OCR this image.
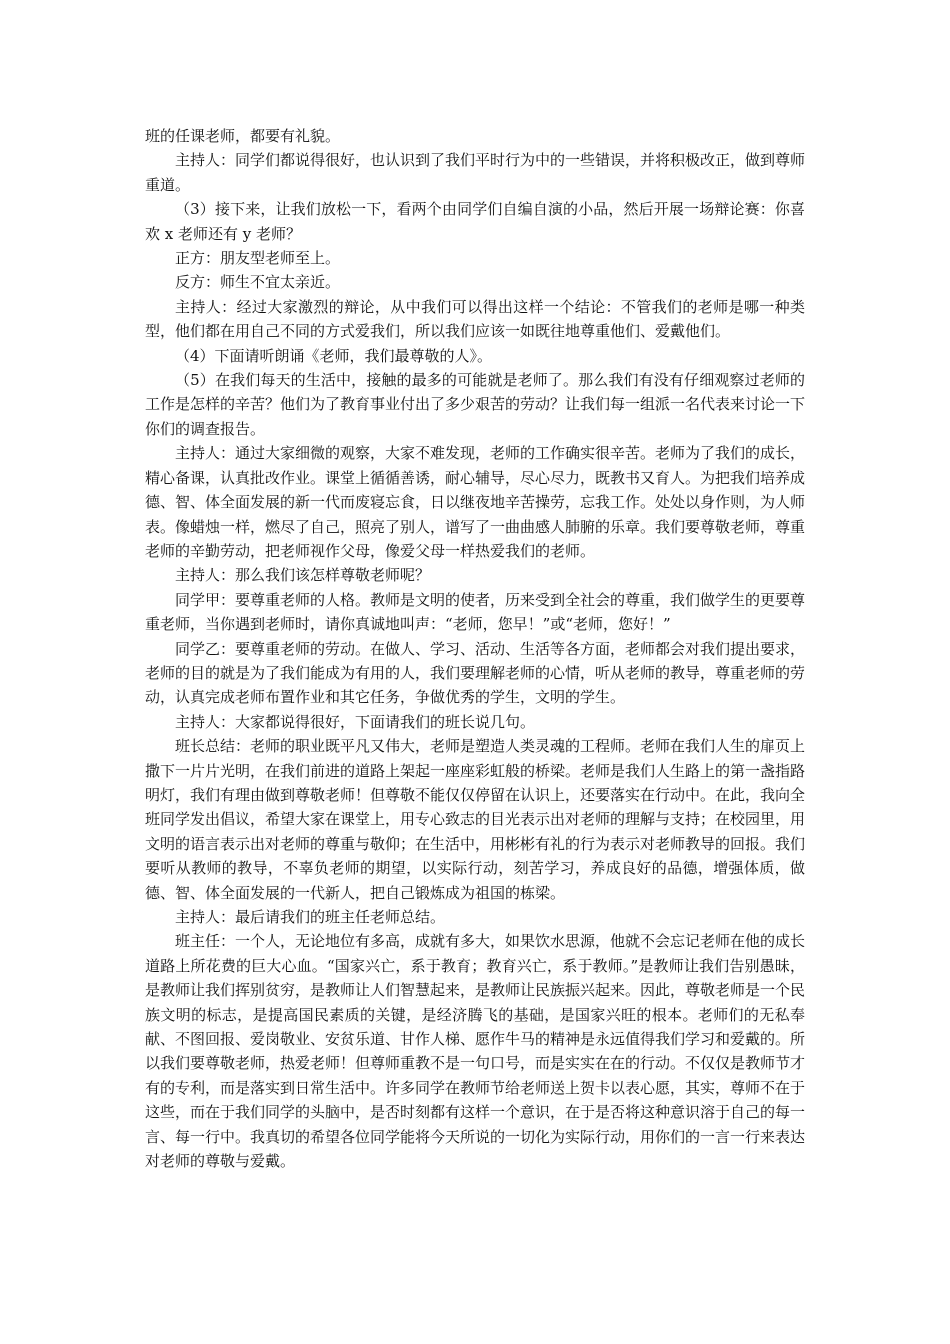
班的任课老师，都要有礼貌。

主持人：同学们都说得很好，也认识到了我们平时行为中的一些错误，并将积极改正，做到尊师重道。

（3）接下来，让我们放松一下，看两个由同学们自编自演的小品，然后开展一场辩论赛：你喜欢 x 老师还有 y 老师？

正方：朋友型老师至上。

反方：师生不宜太亲近。

主持人：经过大家激烈的辩论，从中我们可以得出这样一个结论：不管我们的老师是哪一种类型，他们都在用自己不同的方式爱我们，所以我们应该一如既往地尊重他们、爱戴他们。

（4）下面请听朗诵《老师，我们最尊敬的人》。

（5）在我们每天的生活中，接触的最多的可能就是老师了。那么我们有没有仔细观察过老师的工作是怎样的辛苦？他们为了教育事业付出了多少艰苦的劳动？让我们每一组派一名代表来讨论一下你们的调查报告。

主持人：通过大家细微的观察，大家不难发现，老师的工作确实很辛苦。老师为了我们的成长，精心备课，认真批改作业。课堂上循循善诱，耐心辅导，尽心尽力，既教书又育人。为把我们培养成德、智、体全面发展的新一代而废寝忘食，日以继夜地辛苦操劳，忘我工作。处处以身作则，为人师表。像蜡烛一样，燃尽了自己，照亮了别人，谱写了一曲曲感人肺腑的乐章。我们要尊敬老师，尊重老师的辛勤劳动，把老师视作父母，像爱父母一样热爱我们的老师。

主持人：那么我们该怎样尊敬老师呢？

同学甲：要尊重老师的人格。教师是文明的使者，历来受到全社会的尊重，我们做学生的更要尊重老师，当你遇到老师时，请你真诚地叫声：“老师，您早！”或“老师，您好！”

同学乙：要尊重老师的劳动。在做人、学习、活动、生活等各方面，老师都会对我们提出要求，老师的目的就是为了我们能成为有用的人，我们要理解老师的心情，听从老师的教导，尊重老师的劳动，认真完成老师布置作业和其它任务，争做优秀的学生，文明的学生。

主持人：大家都说得很好，下面请我们的班长说几句。

班长总结：老师的职业既平凡又伟大，老师是塑造人类灵魂的工程师。老师在我们人生的扉页上撒下一片片光明，在我们前进的道路上架起一座座彩虹般的桥梁。老师是我们人生路上的第一盏指路明灯，我们有理由做到尊敬老师！但尊敬不能仅仅停留在认识上，还要落实在行动中。在此，我向全班同学发出倡议，希望大家在课堂上，用专心致志的目光表示出对老师的理解与支持；在校园里，用文明的语言表示出对老师的尊重与敬仰；在生活中，用彬彬有礼的行为表示对老师教导的回报。我们要听从教师的教导，不辜负老师的期望，以实际行动，刻苦学习，养成良好的品德，增强体质，做德、智、体全面发展的一代新人，把自己锻炼成为祖国的栋梁。

主持人：最后请我们的班主任老师总结。

班主任：一个人，无论地位有多高，成就有多大，如果饮水思源，他就不会忘记老师在他的成长道路上所花费的巨大心血。“国家兴亡，系于教育；教育兴亡，系于教师。”是教师让我们告别愚昧，是教师让我们挥别贫穷，是教师让人们智慧起来，是教师让民族振兴起来。因此，尊敬老师是一个民族文明的标志，是提高国民素质的关键，是经济腾飞的基础，是国家兴旺的根本。老师们的无私奉献、不图回报、爱岗敬业、安贫乐道、甘作人梯、愿作牛马的精神是永远值得我们学习和爱戴的。所以我们要尊敬老师，热爱老师！但尊师重教不是一句口号，而是实实在在的行动。不仅仅是教师节才有的专利，而是落实到日常生活中。许多同学在教师节给老师送上贺卡以表心愿，其实，尊师不在于这些，而在于我们同学的头脑中，是否时刻都有这样一个意识，在于是否将这种意识溶于自己的每一言、每一行中。我真切的希望各位同学能将今天所说的一切化为实际行动，用你们的一言一行来表达对老师的尊敬与爱戴。
